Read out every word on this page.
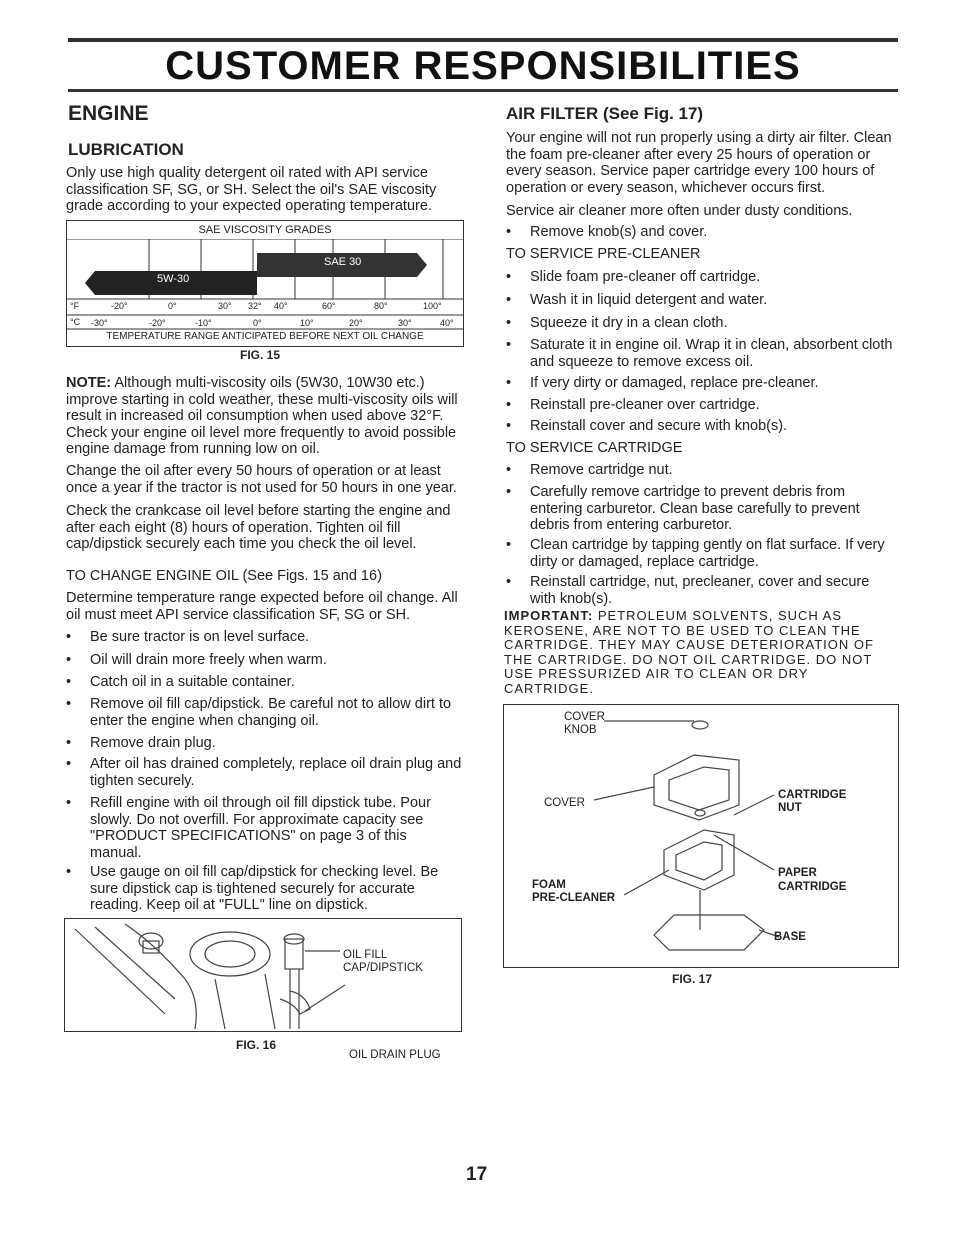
CUSTOMER RESPONSIBILITIES
ENGINE
LUBRICATION
Only use high quality detergent oil rated with API service classification SF, SG, or SH. Select the oil's SAE viscosity grade according to your expected operating temperature.
SAE VISCOSITY GRADES
5W-30
SAE 30
°F	-20°	0°	30° 32° 40°	60°	80°	100°
°C -30°	-20°	-10°	0°	10°	20°	30°	40°
TEMPERATURE RANGE ANTICIPATED BEFORE NEXT OIL CHANGE
FIG. 15
NOTE: Although multi-viscosity oils (5W30, 10W30 etc.) improve starting in cold weather, these multi-viscosity oils will result in increased oil consumption when used above 32°F. Check your engine oil level more frequently to avoid possible engine damage from running low on oil.
Change the oil after every 50 hours of operation or at least once a year if the tractor is not used for 50 hours in one year.
Check the crankcase oil level before starting the engine and after each eight (8) hours of operation. Tighten oil fill cap/dipstick securely each time you check the oil level.
TO CHANGE ENGINE OIL (See Figs. 15 and 16)
Determine temperature range expected before oil change. All oil must meet API service classification SF, SG or SH.
• Be sure tractor is on level surface.
• Oil will drain more freely when warm.
• Catch oil in a suitable container.
• Remove oil fill cap/dipstick. Be careful not to allow dirt to enter the engine when changing oil.
• Remove drain plug.
• After oil has drained completely, replace oil drain plug and tighten securely.
• Refill engine with oil through oil fill dipstick tube. Pour slowly. Do not overfill. For approximate capacity see "PRODUCT SPECIFICATIONS" on page 3 of this manual.
• Use gauge on oil fill cap/dipstick for checking level. Be sure dipstick cap is tightened securely for accurate reading. Keep oil at "FULL" line on dipstick.
OIL FILL
CAP/DIPSTICK
OIL DRAIN PLUG
FIG. 16
AIR FILTER (See Fig. 17)
Your engine will not run properly using a dirty air filter. Clean the foam pre-cleaner after every 25 hours of operation or every season. Service paper cartridge every 100 hours of operation or every season, whichever occurs first.
Service air cleaner more often under dusty conditions.
• Remove knob(s) and cover.
TO SERVICE PRE-CLEANER
• Slide foam pre-cleaner off cartridge.
• Wash it in liquid detergent and water.
• Squeeze it dry in a clean cloth.
• Saturate it in engine oil. Wrap it in clean, absorbent cloth and squeeze to remove excess oil.
• If very dirty or damaged, replace pre-cleaner.
• Reinstall pre-cleaner over cartridge.
• Reinstall cover and secure with knob(s).
TO SERVICE CARTRIDGE
• Remove cartridge nut.
• Carefully remove cartridge to prevent debris from entering carburetor. Clean base carefully to prevent debris from entering carburetor.
• Clean cartridge by tapping gently on flat surface. If very dirty or damaged, replace cartridge.
• Reinstall cartridge, nut, precleaner, cover and secure with knob(s).
IMPORTANT: PETROLEUM SOLVENTS, SUCH AS KEROSENE, ARE NOT TO BE USED TO CLEAN THE CARTRIDGE. THEY MAY CAUSE DETERIORATION OF THE CARTRIDGE. DO NOT OIL CARTRIDGE. DO NOT USE PRESSURIZED AIR TO CLEAN OR DRY CARTRIDGE.
COVER
KNOB
COVER
CARTRIDGE
NUT
PAPER
CARTRIDGE
FOAM
PRE-CLEANER
BASE
FIG. 17
17
